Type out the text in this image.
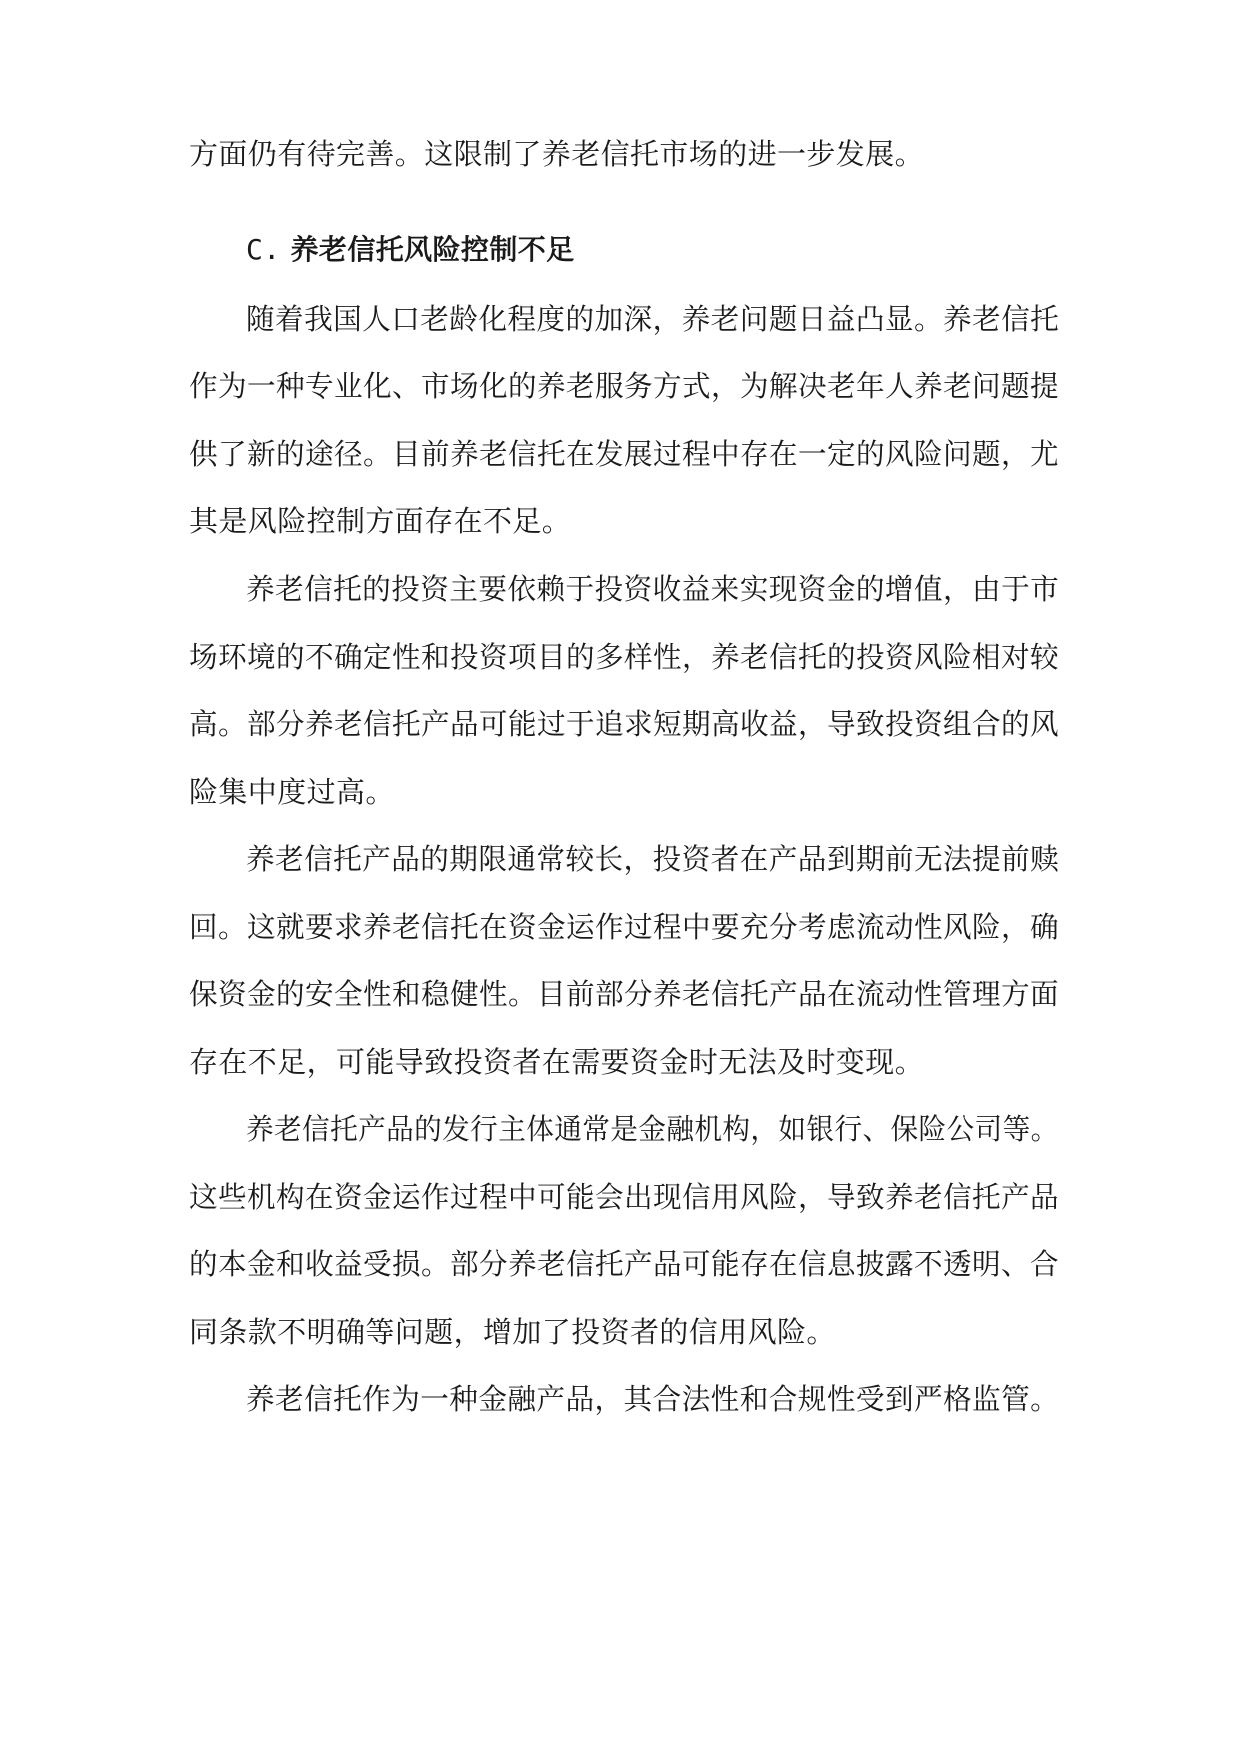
方面仍有待完善。这限制了养老信托市场的进一步发展。
C. 养老信托风险控制不足
随着我国人口老龄化程度的加深，养老问题日益凸显。养老信托
作为一种专业化、市场化的养老服务方式，为解决老年人养老问题提
供了新的途径。目前养老信托在发展过程中存在一定的风险问题，尤
其是风险控制方面存在不足。
养老信托的投资主要依赖于投资收益来实现资金的增值，由于市
场环境的不确定性和投资项目的多样性，养老信托的投资风险相对较
高。部分养老信托产品可能过于追求短期高收益，导致投资组合的风
险集中度过高。
养老信托产品的期限通常较长，投资者在产品到期前无法提前赎
回。这就要求养老信托在资金运作过程中要充分考虑流动性风险，确
保资金的安全性和稳健性。目前部分养老信托产品在流动性管理方面
存在不足，可能导致投资者在需要资金时无法及时变现。
养老信托产品的发行主体通常是金融机构，如银行、保险公司等。
这些机构在资金运作过程中可能会出现信用风险，导致养老信托产品
的本金和收益受损。部分养老信托产品可能存在信息披露不透明、合
同条款不明确等问题，增加了投资者的信用风险。
养老信托作为一种金融产品，其合法性和合规性受到严格监管。
